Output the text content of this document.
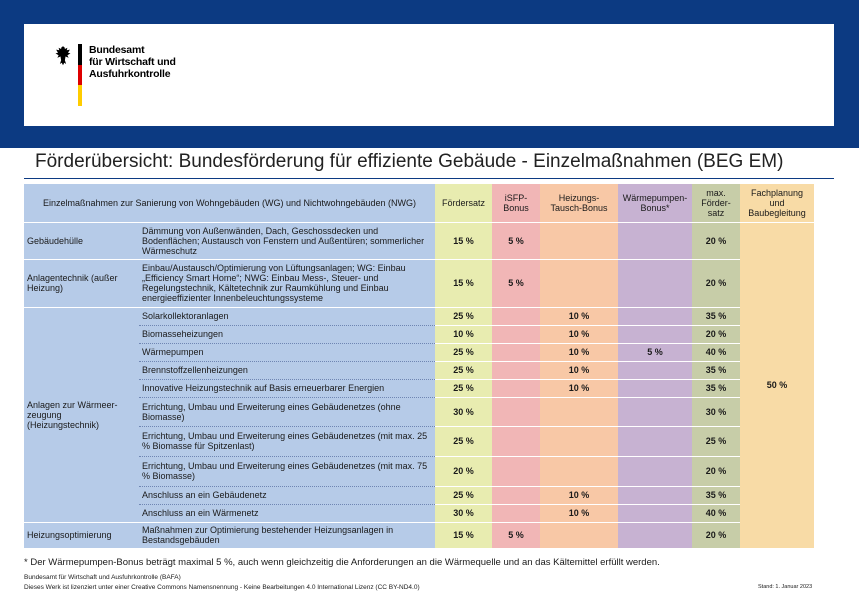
Bundesamt
für Wirtschaft und
Ausfuhrkontrolle
Förderübersicht: Bundesförderung für effiziente Gebäude - Einzelmaßnahmen (BEG EM)
Einzelmaßnahmen zur Sanierung von Wohngebäuden (WG) und Nichtwohngebäuden (NWG)		Fördersatz	iSFP-Bonus	Heizungs-Tausch-Bonus	Wärmepumpen-Bonus*	max. Förder-satz	Fachplanung und Baubegleitung
Gebäudehülle	Dämmung von Außenwänden, Dach, Geschossdecken und Bodenflächen; Austausch von Fenstern und Außentüren; sommerlicher Wärmeschutz	15 %	5 %			20 %	50 %
Anlagentechnik (außer Heizung)	Einbau/Austausch/Optimierung von Lüftungsanlagen; WG: Einbau „Efficiency Smart Home“; NWG: Einbau Mess-, Steuer- und Regelungstechnik, Kältetechnik zur Raumkühlung und Einbau energieeffizienter Innenbeleuchtungssysteme	15 %	5 %			20 %	
Anlagen zur Wärmeer-zeugung (Heizungstechnik)	Solarkollektoranlagen	25 %		10 %		35 %	
	Biomasseheizungen	10 %		10 %		20 %	
	Wärmepumpen	25 %		10 %	5 %	40 %	
	Brennstoffzellenheizungen	25 %		10 %		35 %	
	Innovative Heizungstechnik auf Basis erneuerbarer Energien	25 %		10 %		35 %	
	Errichtung, Umbau und Erweiterung eines Gebäudenetzes (ohne Biomasse)	30 %				30 %	
	Errichtung, Umbau und Erweiterung eines Gebäudenetzes (mit max. 25 % Biomasse für Spitzenlast)	25 %				25 %	
	Errichtung, Umbau und Erweiterung eines Gebäudenetzes (mit max. 75 % Biomasse)	20 %				20 %	
	Anschluss an ein Gebäudenetz	25 %		10 %		35 %	
	Anschluss an ein Wärmenetz	30 %		10 %		40 %	
Heizungsoptimierung	Maßnahmen zur Optimierung bestehender Heizungsanlagen in Bestandsgebäuden	15 %	5 %			20 %	
* Der Wärmepumpen-Bonus beträgt maximal 5 %, auch wenn gleichzeitig die Anforderungen an die Wärmequelle und an das Kältemittel erfüllt werden.
Bundesamt für Wirtschaft und Ausfuhrkontrolle (BAFA)
Dieses Werk ist lizenziert unter einer Creative Commons Namensnennung - Keine Bearbeitungen 4.0 International Lizenz (CC BY-ND4.0)	Stand: 1. Januar 2023
